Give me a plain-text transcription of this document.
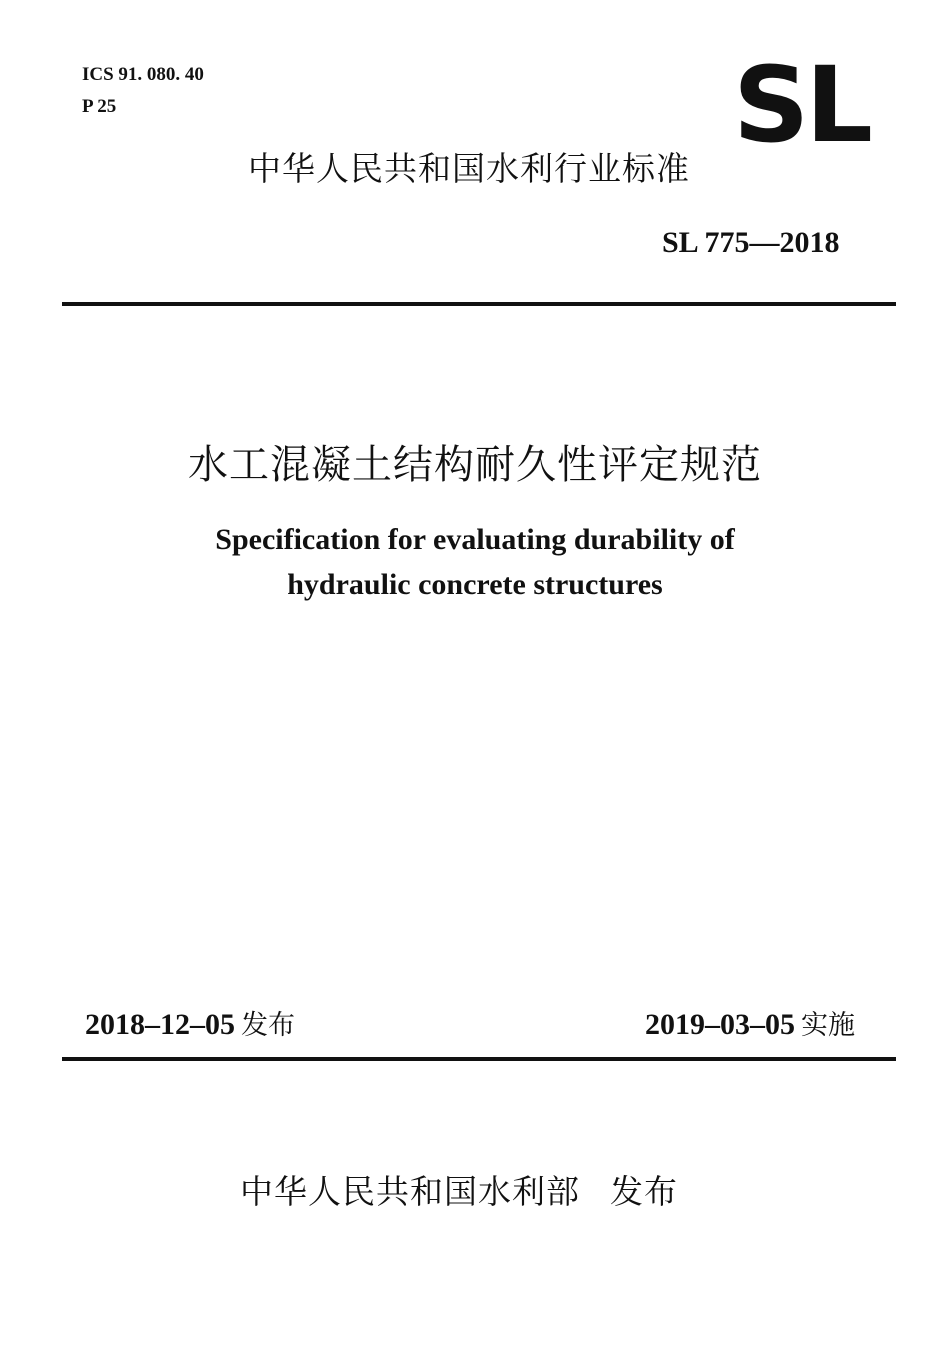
ICS 91. 080. 40

P 25	SL

中华人民共和国水利行业标准

SL 775—2018

水工混凝土结构耐久性评定规范

Specification for evaluating durability of

hydraulic concrete structures

2018–12–05 发布	2019–03–05 实施
中华人民共和国水利部 发布
